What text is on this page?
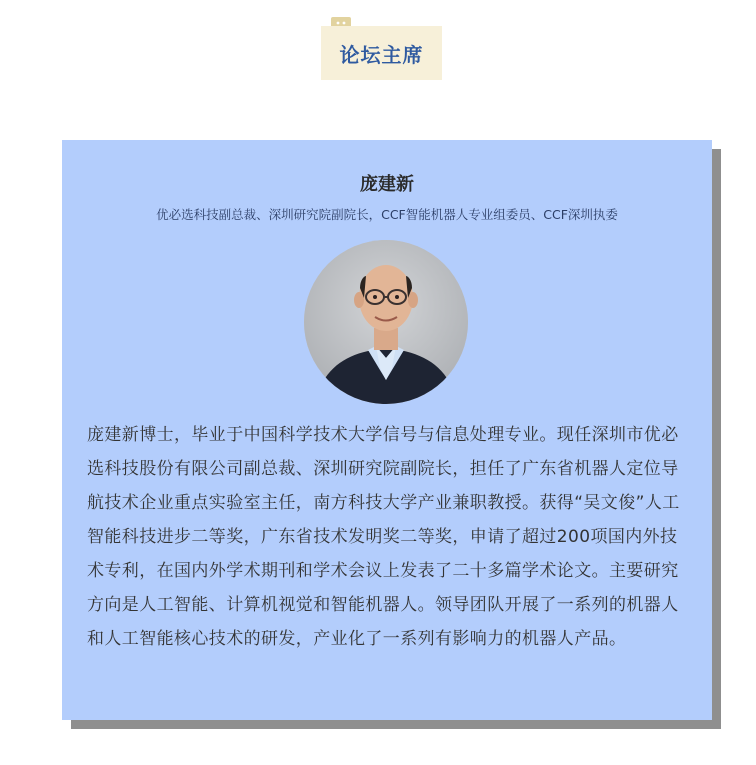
论坛主席
庞建新
优必选科技副总裁、深圳研究院副院长，CCF智能机器人专业组委员、CCF深圳执委

庞建新博士，毕业于中国科学技术大学信号与信息处理专业。现任深圳市优必选科技股份有限公司副总裁、深圳研究院副院长，担任了广东省机器人定位导航技术企业重点实验室主任，南方科技大学产业兼职教授。获得“吴文俊”人工智能科技进步二等奖，广东省技术发明奖二等奖，申请了超过200项国内外技术专利，在国内外学术期刊和学术会议上发表了二十多篇学术论文。主要研究方向是人工智能、计算机视觉和智能机器人。领导团队开展了一系列的机器人和人工智能核心技术的研发，产业化了一系列有影响力的机器人产品。
